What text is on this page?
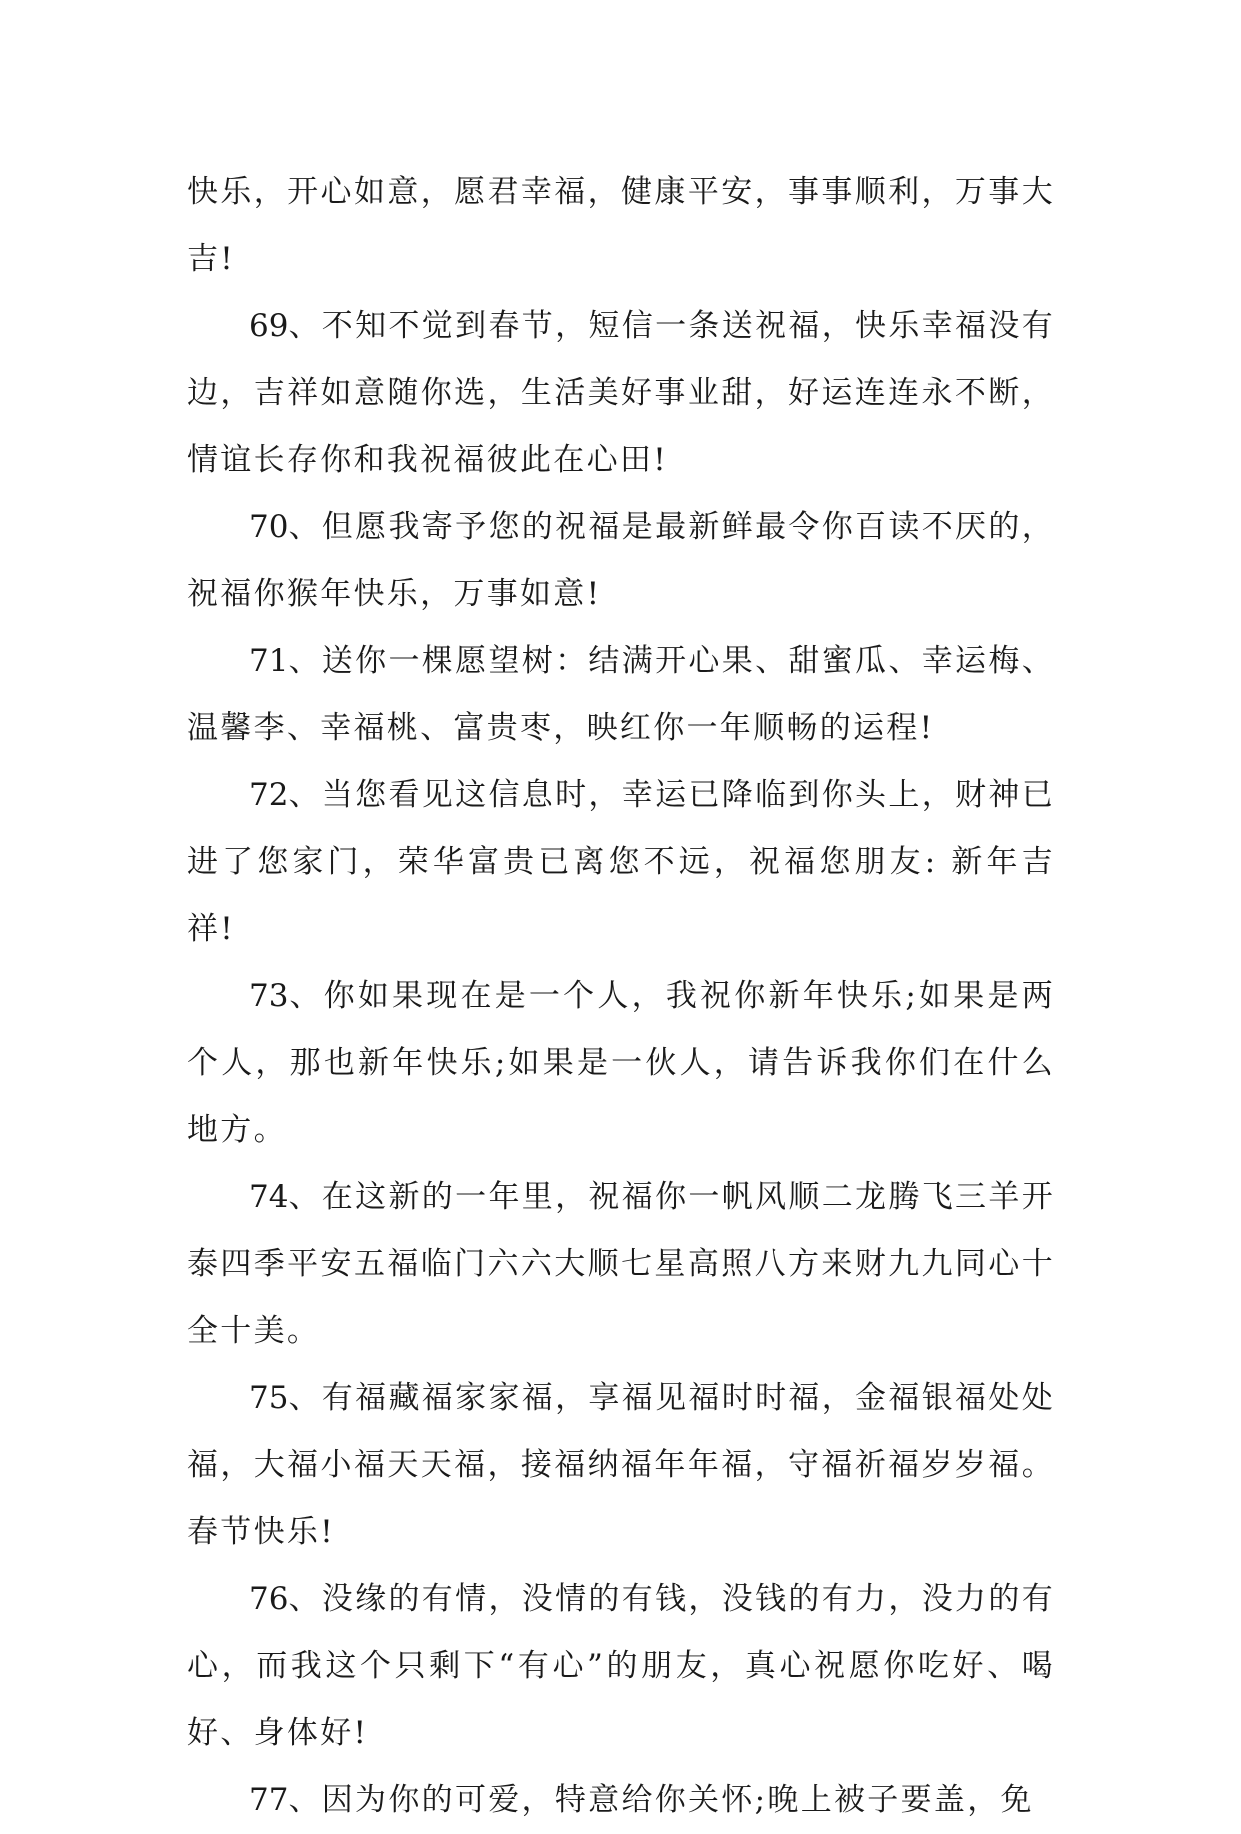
快乐，开心如意，愿君幸福，健康平安，事事顺利，万事大吉!

69、不知不觉到春节，短信一条送祝福，快乐幸福没有边，吉祥如意随你选，生活美好事业甜，好运连连永不断，情谊长存你和我祝福彼此在心田!

70、但愿我寄予您的祝福是最新鲜最令你百读不厌的，祝福你猴年快乐，万事如意!

71、送你一棵愿望树：结满开心果、甜蜜瓜、幸运梅、温馨李、幸福桃、富贵枣，映红你一年顺畅的运程!

72、当您看见这信息时，幸运已降临到你头上，财神已进了您家门，荣华富贵已离您不远，祝福您朋友: 新年吉祥!

73、你如果现在是一个人，我祝你新年快乐;如果是两个人，那也新年快乐;如果是一伙人，请告诉我你们在什么地方。

74、在这新的一年里，祝福你一帆风顺二龙腾飞三羊开泰四季平安五福临门六六大顺七星高照八方来财九九同心十全十美。

75、有福藏福家家福，享福见福时时福，金福银福处处福，大福小福天天福，接福纳福年年福，守福祈福岁岁福。春节快乐!

76、没缘的有情，没情的有钱，没钱的有力，没力的有心，而我这个只剩下“有心”的朋友，真心祝愿你吃好、喝好、身体好!

77、因为你的可爱，特意给你关怀;晚上被子要盖，免
